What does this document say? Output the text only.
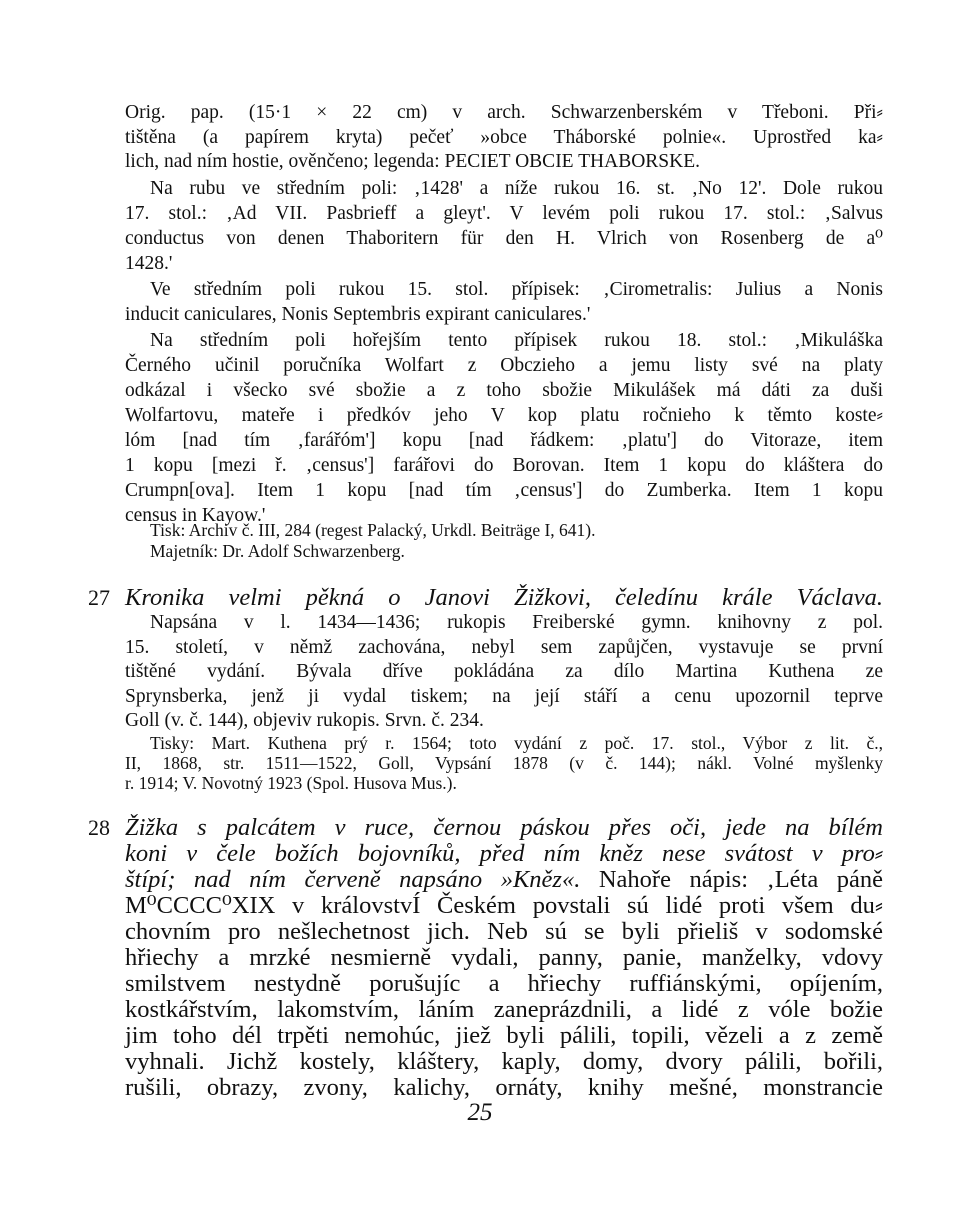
Orig. pap. (15·1 × 22 cm) v arch. Schwarzenberském v Třeboni. Při⸗
tištěna (a papírem kryta) pečeť »obce Tháborské polnie«. Uprostřed ka⸗
lich, nad ním hostie, ověnčeno; legenda: PECIET OBCIE THABORSKE.
Na rubu ve středním poli: ‚1428' a níže rukou 16. st. ‚No 12'. Dole rukou
17. stol.: ‚Ad VII. Pasbrieff a gleyt'. V levém poli rukou 17. stol.: ‚Salvus
conductus von denen Thaboritern für den H. Vlrich von Rosenberg de a⁰
1428.'
Ve středním poli rukou 15. stol. přípisek: ‚Cirometralis: Julius a Nonis
inducit caniculares, Nonis Septembris expirant caniculares.'
Na středním poli hořejším tento přípisek rukou 18. stol.: ‚Mikuláška
Černého učinil poručníka Wolfart z Obczieho a jemu listy své na platy
odkázal i všecko své sbožie a z toho sbožie Mikulášek má dáti za duši
Wolfartovu, mateře i předkóv jeho V kop platu ročnieho k těmto koste⸗
lóm [nad tím ‚farářóm'] kopu [nad řádkem: ‚platu'] do Vitoraze, item
1 kopu [mezi ř. ‚census'] farářovi do Borovan. Item 1 kopu do kláštera do
Crumpn[ova]. Item 1 kopu [nad tím ‚census'] do Zumberka. Item 1 kopu
census in Kayow.'
Tisk: Archiv č. III, 284 (regest Palacký, Urkdl. Beiträge I, 641).
Majetník: Dr. Adolf Schwarzenberg.
27 Kronika velmi pěkná o Janovi Žižkovi, čeledínu krále Václava.
Napsána v l. 1434—1436; rukopis Freiberské gymn. knihovny z pol.
15. století, v němž zachována, nebyl sem zapůjčen, vystavuje se první
tištěné vydání. Bývala dříve pokládána za dílo Martina Kuthena ze
Sprynsberka, jenž ji vydal tiskem; na její stáří a cenu upozornil teprve
Goll (v. č. 144), objeviv rukopis. Srvn. č. 234.
Tisky: Mart. Kuthena prý r. 1564; toto vydání z poč. 17. stol., Výbor z lit. č.,
II, 1868, str. 1511—1522, Goll, Vypsání 1878 (v č. 144); nákl. Volné myšlenky
r. 1914; V. Novotný 1923 (Spol. Husova Mus.).
28 Žižka s palcátem v ruce, černou páskou přes oči, jede na bílém
koni v čele božích bojovníků, před ním kněz nese svátost v pro⸗
štípí; nad ním červeně napsáno »Kněz«. Nahoře nápis: ‚Léta páně
M⁰CCCC⁰XIX v královstvÍ Českém povstali sú lidé proti všem du⸗
chovním pro nešlechetnost jich. Neb sú se byli přieliš v sodomské
hřiechy a mrzké nesmierně vydali, panny, panie, manželky, vdovy
smilstvem nestydně porušujíc a hřiechy ruffiánskými, opíjením,
kostkářstvím, lakomstvím, láním zaneprázdnili, a lidé z vóle božie
jim toho dél trpěti nemohúc, jiež byli pálili, topili, vězeli a z země
vyhnali. Jichž kostely, kláštery, kaply, domy, dvory pálili, bořili,
rušili, obrazy, zvony, kalichy, ornáty, knihy mešné, monstrancie
25
